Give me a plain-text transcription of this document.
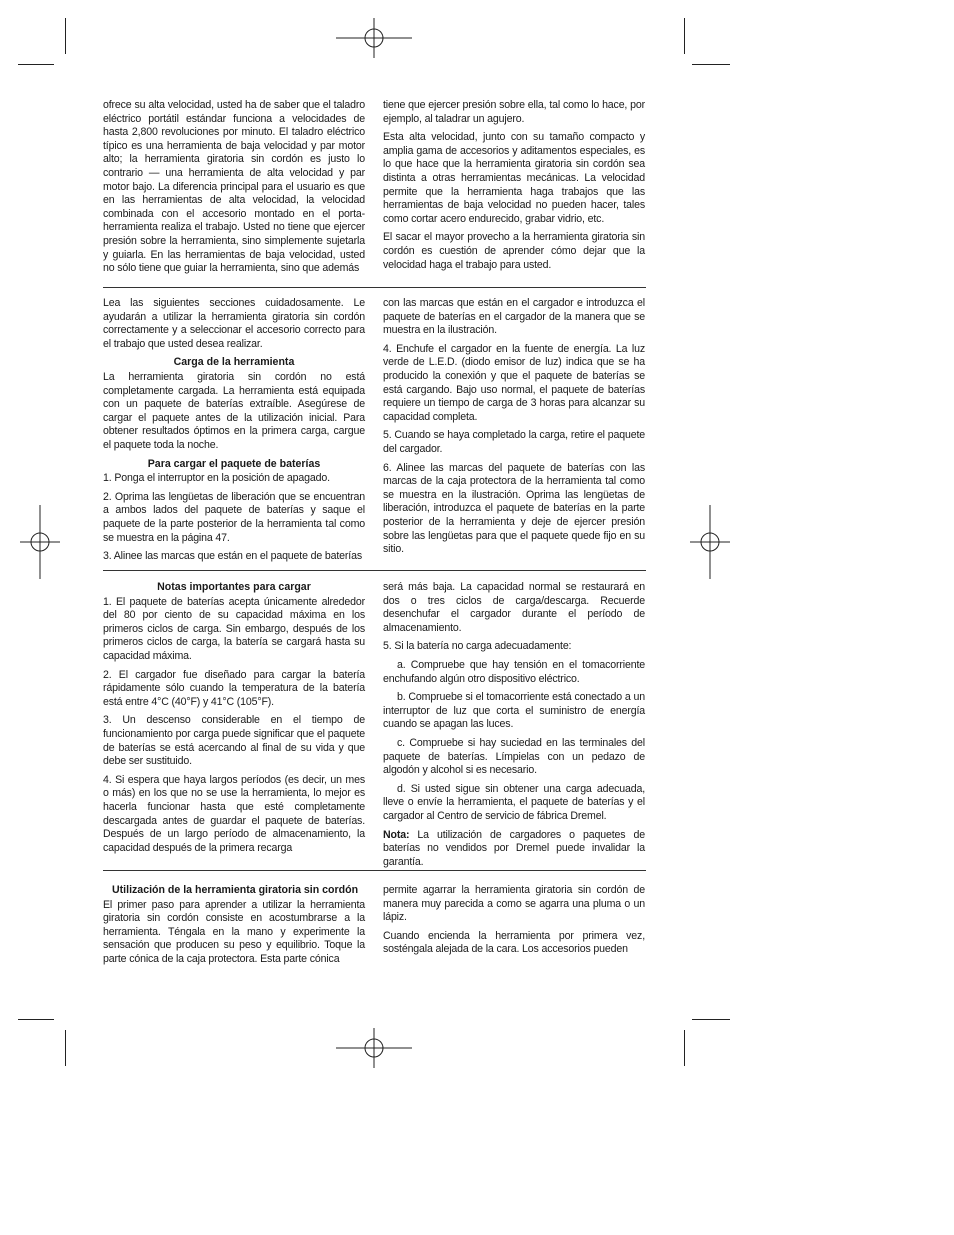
ofrece su alta velocidad, usted ha de saber que el taladro eléctrico portátil estándar funciona a velocidades de hasta 2,800 revoluciones por minuto. El taladro eléctrico típico es una herramienta de baja velocidad y par motor alto; la herramienta giratoria sin cordón es justo lo contrario — una herramienta de alta velocidad y par motor bajo. La diferencia principal para el usuario es que en las herramientas de alta velocidad, la velocidad combinada con el accesorio montado en el porta-herramienta realiza el trabajo. Usted no tiene que ejercer presión sobre la herramienta, sino simplemente sujetarla y guiarla. En las herramientas de baja velocidad, usted no sólo tiene que guiar la herramienta, sino que además

tiene que ejercer presión sobre ella, tal como lo hace, por ejemplo, al taladrar un agujero.

Esta alta velocidad, junto con su tamaño compacto y amplia gama de accesorios y aditamentos especiales, es lo que hace que la herramienta giratoria sin cordón sea distinta a otras herramientas mecánicas. La velocidad permite que la herramienta haga trabajos que las herramientas de baja velocidad no pueden hacer, tales como cortar acero endurecido, grabar vidrio, etc.

El sacar el mayor provecho a la herramienta giratoria sin cordón es cuestión de aprender cómo dejar que la velocidad haga el trabajo para usted.

Lea las siguientes secciones cuidadosamente. Le ayudarán a utilizar la herramienta giratoria sin cordón correctamente y a seleccionar el accesorio correcto para el trabajo que usted desea realizar.

Carga de la herramienta

La herramienta giratoria sin cordón no está completamente cargada. La herramienta está equipada con un paquete de baterías extraíble. Asegúrese de cargar el paquete antes de la utilización inicial. Para obtener resultados óptimos en la primera carga, cargue el paquete toda la noche.

Para cargar el paquete de baterías

1. Ponga el interruptor en la posición de apagado.

2. Oprima las lengüetas de liberación que se encuentran a ambos lados del paquete de baterías y saque el paquete de la parte posterior de la herramienta tal como se muestra en la página 47.

3. Alinee las marcas que están en el paquete de baterías

con las marcas que están en el cargador e introduzca el paquete de baterías en el cargador de la manera que se muestra en la ilustración.

4. Enchufe el cargador en la fuente de energía. La luz verde de L.E.D. (diodo emisor de luz) indica que se ha producido la conexión y que el paquete de baterías se está cargando. Bajo uso normal, el paquete de baterías requiere un tiempo de carga de 3 horas para alcanzar su capacidad completa.

5. Cuando se haya completado la carga, retire el paquete del cargador.

6. Alinee las marcas del paquete de baterías con las marcas de la caja protectora de la herramienta tal como se muestra en la ilustración. Oprima las lengüetas de liberación, introduzca el paquete de baterías en la parte posterior de la herramienta y deje de ejercer presión sobre las lengüetas para que el paquete quede fijo en su sitio.

Notas importantes para cargar

1. El paquete de baterías acepta únicamente alrededor del 80 por ciento de su capacidad máxima en los primeros ciclos de carga. Sin embargo, después de los primeros ciclos de carga, la batería se cargará hasta su capacidad máxima.

2. El cargador fue diseñado para cargar la batería rápidamente sólo cuando la temperatura de la batería está entre 4°C (40°F) y 41°C (105°F).

3. Un descenso considerable en el tiempo de funcionamiento por carga puede significar que el paquete de baterías se está acercando al final de su vida y que debe ser sustituido.

4. Si espera que haya largos períodos (es decir, un mes o más) en los que no se use la herramienta, lo mejor es hacerla funcionar hasta que esté completamente descargada antes de guardar el paquete de baterías. Después de un largo período de almacenamiento, la capacidad después de la primera recarga

será más baja. La capacidad normal se restaurará en dos o tres ciclos de carga/descarga. Recuerde desenchufar el cargador durante el período de almacenamiento.

5. Si la batería no carga adecuadamente:

a. Compruebe que hay tensión en el tomacorriente enchufando algún otro dispositivo eléctrico.

b. Compruebe si el tomacorriente está conectado a un interruptor de luz que corta el suministro de energía cuando se apagan las luces.

c. Compruebe si hay suciedad en las terminales del paquete de baterías. Límpielas con un pedazo de algodón y alcohol si es necesario.

d. Si usted sigue sin obtener una carga adecuada, lleve o envíe la herramienta, el paquete de baterías y el cargador al Centro de servicio de fábrica Dremel.

Nota: La utilización de cargadores o paquetes de baterías no vendidos por Dremel puede invalidar la garantía.

Utilización de la herramienta giratoria sin cordón

El primer paso para aprender a utilizar la herramienta giratoria sin cordón consiste en acostumbrarse a la herramienta. Téngala en la mano y experimente la sensación que producen su peso y equilibrio. Toque la parte cónica de la caja protectora. Esta parte cónica

permite agarrar la herramienta giratoria sin cordón de manera muy parecida a como se agarra una pluma o un lápiz.

Cuando encienda la herramienta por primera vez, sosténgala alejada de la cara. Los accesorios pueden
